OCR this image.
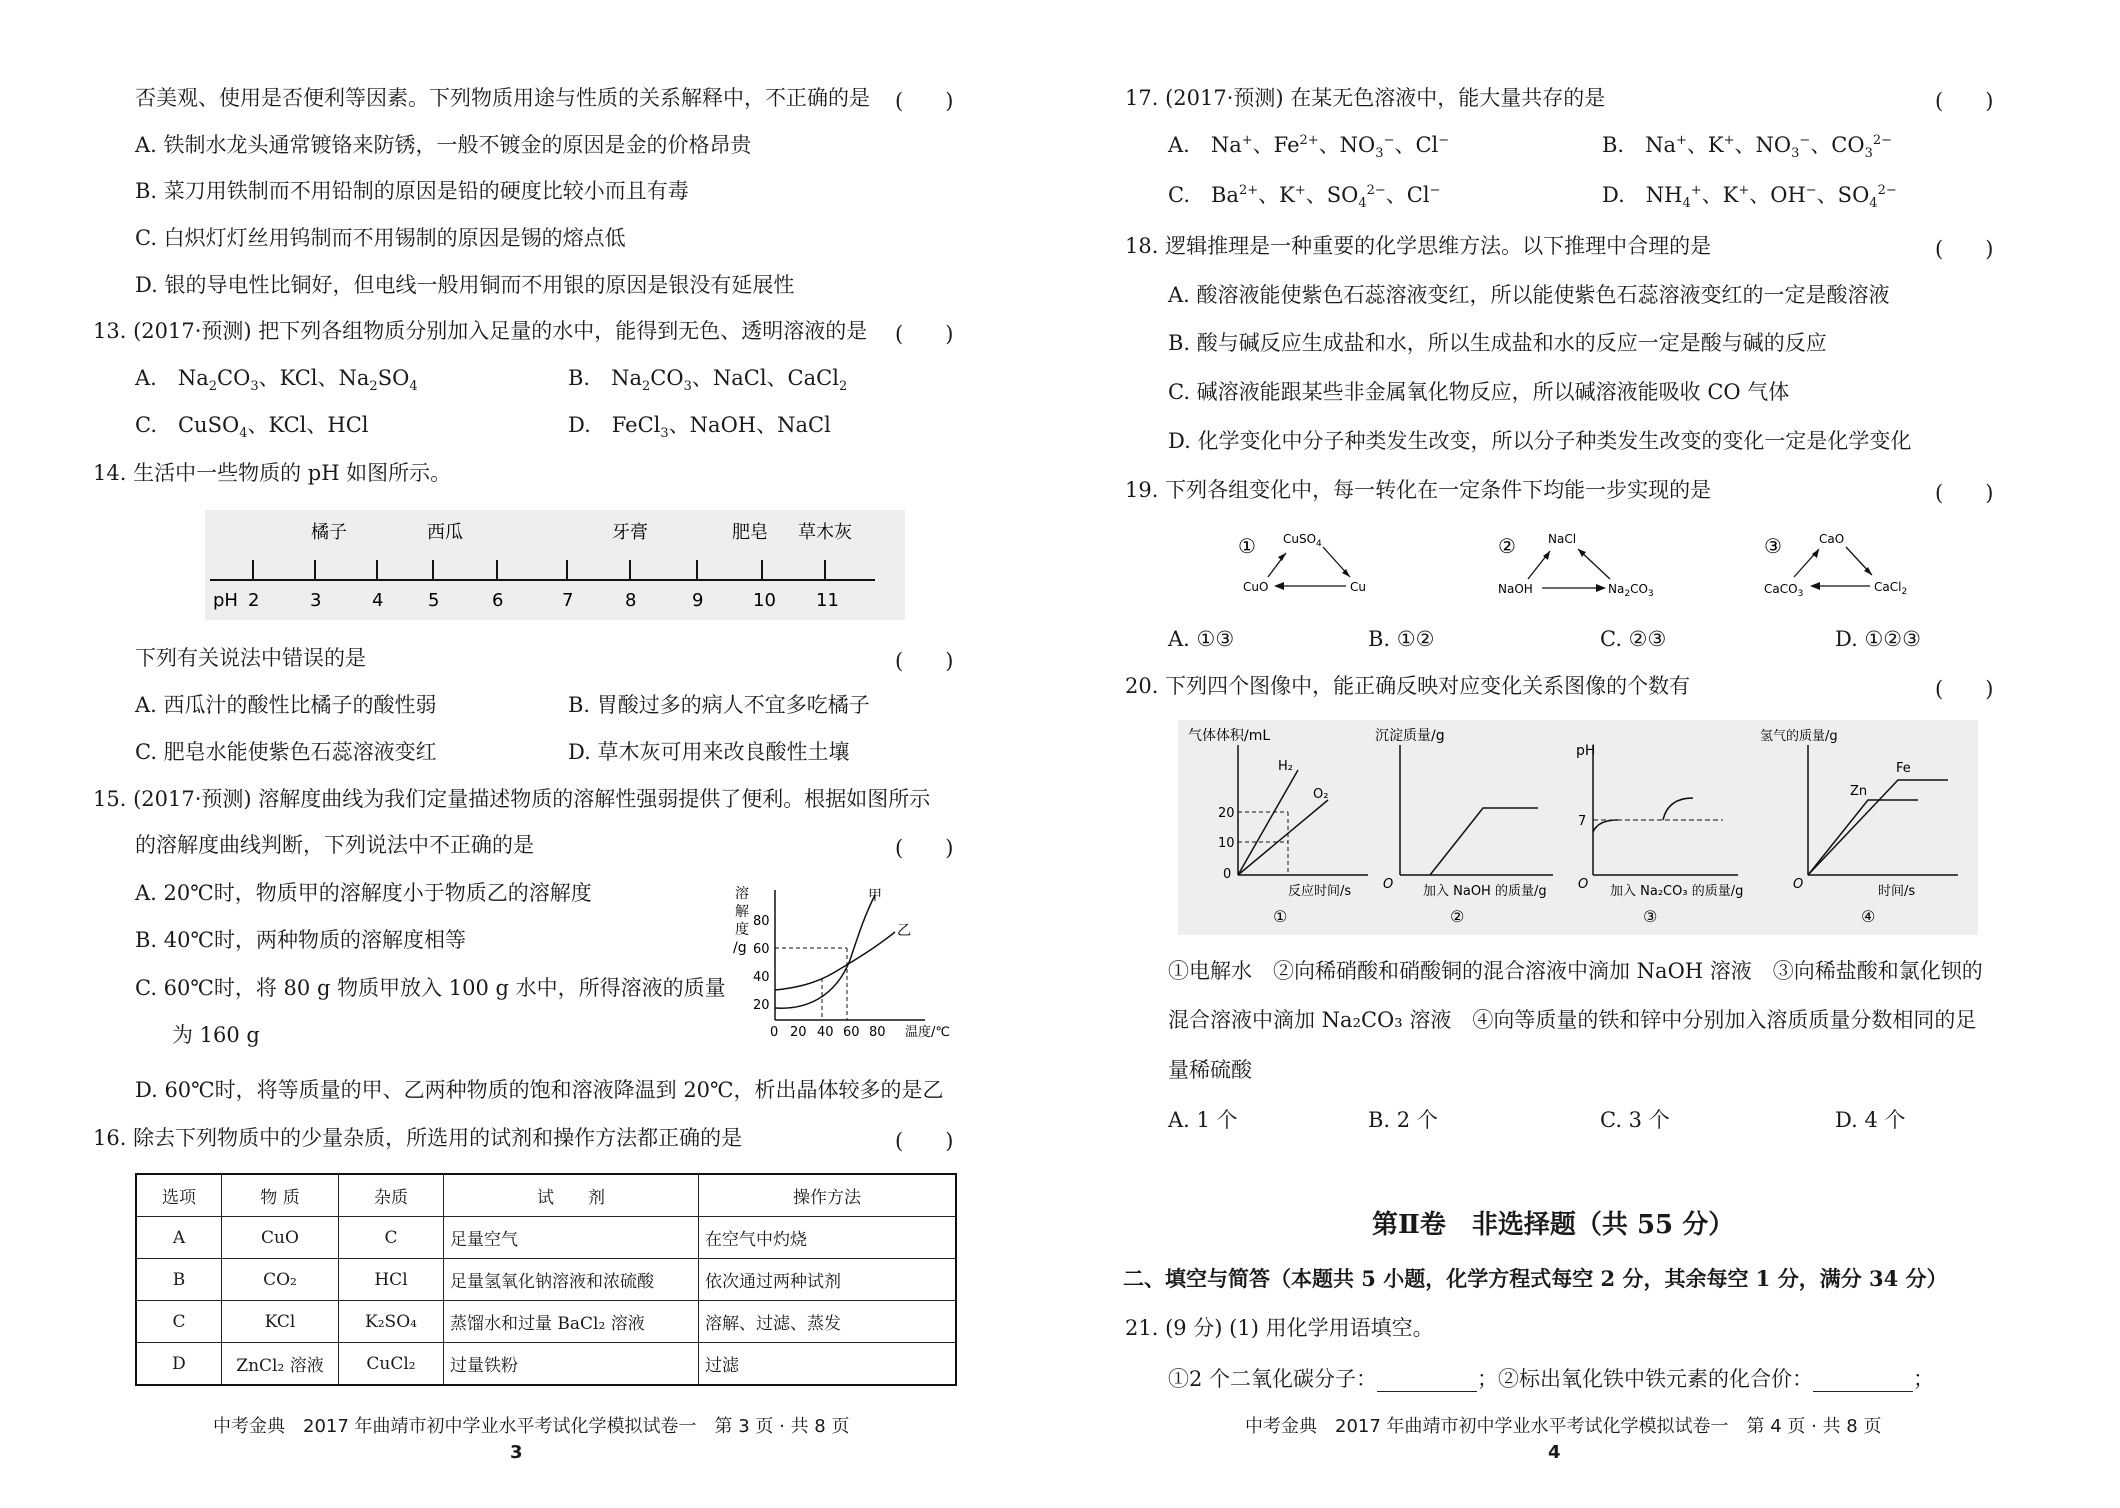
否美观、使用是否便利等因素。下列物质用途与性质的关系解释中，不正确的是 (　　)
A. 铁制水龙头通常镀铬来防锈，一般不镀金的原因是金的价格昂贵
B. 菜刀用铁制而不用铅制的原因是铅的硬度比较小而且有毒
C. 白炽灯灯丝用钨制而不用锡制的原因是锡的熔点低
D. 银的导电性比铜好，但电线一般用铜而不用银的原因是银没有延展性
13. (2017·预测) 把下列各组物质分别加入足量的水中，能得到无色、透明溶液的是 (　　)
A.　$Na_2CO_3$、KCl、$Na_2SO_4$	B.　$Na_2CO_3$、NaCl、CaCl$_2$
C.　CuSO$_4$、KCl、HCl	D.　FeCl$_3$、NaOH、NaCl
14. 生活中一些物质的 pH 如图所示。
2	3	4 5	6	7	8	9	10 11
pH
橘子	西瓜	牙膏	肥皂 草木灰
下列有关说法中错误的是	(　　)
A. 西瓜汁的酸性比橘子的酸性弱	B. 胃酸过多的病人不宜多吃橘子
C. 肥皂水能使紫色石蕊溶液变红	D. 草木灰可用来改良酸性土壤
15. (2017·预测) 溶解度曲线为我们定量描述物质的溶解性强弱提供了便利。根据如图所示
的溶解度曲线判断，下列说法中不正确的是	(　　)
A. 20℃时，物质甲的溶解度小于物质乙的溶解度
B. 40℃时，两种物质的溶解度相等
C. 60℃时，将 80 g 物质甲放入 100 g 水中，所得溶液的质量
为 160 g
D. 60℃时，将等质量的甲、乙两种物质的饱和溶液降温到 20℃，析出晶体较多的是乙
溶
解
度
/g
80
60
40
20
0 20 40 60 80 温度/℃
甲
乙
16. 除去下列物质中的少量杂质，所选用的试剂和操作方法都正确的是	(　　)
选项	物 质	杂质	试　　剂	操作方法
A	CuO	C	足量空气	在空气中灼烧
B	CO₂	HCl	足量氢氧化钠溶液和浓硫酸	依次通过两种试剂
C	KCl	K₂SO₄	蒸馏水和过量 BaCl₂ 溶液	溶解、过滤、蒸发
D	ZnCl₂ 溶液	CuCl₂	过量铁粉	过滤
中考金典　2017 年曲靖市初中学业水平考试化学模拟试卷一　第 3 页 · 共 8 页
3
17. (2017·预测) 在某无色溶液中，能大量共存的是	(　　)
A.　Na+、$Fe^{2+}$、$NO_3^-$、Cl−	B.　Na+、K+、$NO_3^-$、$CO_3^{2-}$
C.　$Ba^{2+}$、K+、$SO_4^{2-}$、Cl−	D.　$NH_4^+$、K+、OH−、$SO_4^{2-}$
18. 逻辑推理是一种重要的化学思维方法。以下推理中合理的是	(　　)
A. 酸溶液能使紫色石蕊溶液变红，所以能使紫色石蕊溶液变红的一定是酸溶液
B. 酸与碱反应生成盐和水，所以生成盐和水的反应一定是酸与碱的反应
C. 碱溶液能跟某些非金属氧化物反应，所以碱溶液能吸收 CO 气体
D. 化学变化中分子种类发生改变，所以分子种类发生改变的变化一定是化学变化
19. 下列各组变化中，每一转化在一定条件下均能一步实现的是	(　　)
① CuSO$_4$
CuO	Cu
②	NaCl
NaOH	$Na_2CO_3$
③	CaO
CaCO$_3$	CaCl$_2$
A. ①③	B. ①②	C. ②③	D. ①②③
20. 下列四个图像中，能正确反映对应变化关系图像的个数有	(　　)
气体体积/mL
20
10
0
H₂
O₂
反应时间/s
①
沉淀质量/g
O 加入 NaOH 的质量/g
②
pH
7
O 加入 Na₂CO₃ 的质量/g
③
氢气的质量/g
Zn
Fe
O	时间/s
④
①电解水　②向稀硝酸和硝酸铜的混合溶液中滴加 NaOH 溶液　③向稀盐酸和氯化钡的
混合溶液中滴加 Na₂CO₃ 溶液　④向等质量的铁和锌中分别加入溶质质量分数相同的足
量稀硫酸
A. 1 个	B. 2 个	C. 3 个	D. 4 个
第Ⅱ卷　非选择题（共 55 分）
二、填空与简答（本题共 5 小题，化学方程式每空 2 分，其余每空 1 分，满分 34 分）
21. (9 分) (1) 用化学用语填空。
①2 个二氧化碳分子：	；②标出氧化铁中铁元素的化合价：	；
中考金典　2017 年曲靖市初中学业水平考试化学模拟试卷一　第 4 页 · 共 8 页
4
